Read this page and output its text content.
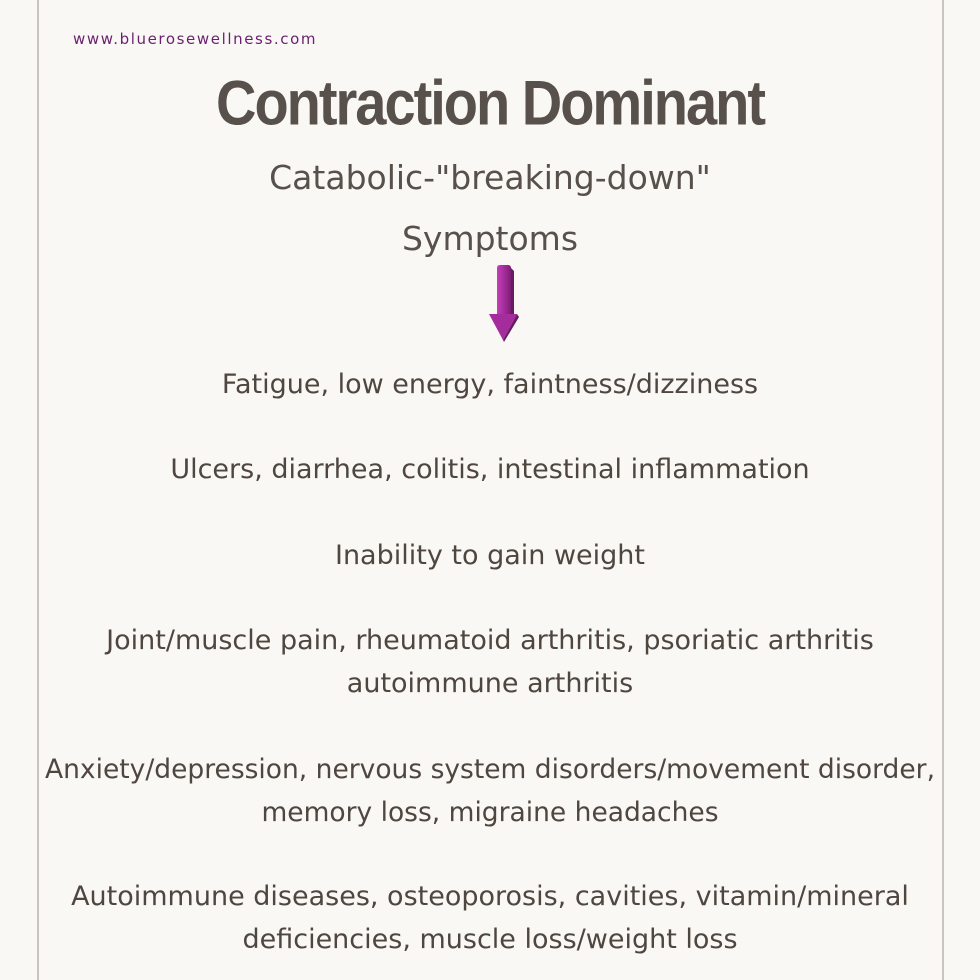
www.bluerosewellness.com
Contraction Dominant
Catabolic-"breaking-down"
Symptoms
Fatigue, low energy, faintness/dizziness
Ulcers, diarrhea, colitis, intestinal inflammation
Inability to gain weight
Joint/muscle pain, rheumatoid arthritis, psoriatic arthritis
autoimmune arthritis
Anxiety/depression, nervous system disorders/movement disorder,
memory loss, migraine headaches
Autoimmune diseases, osteoporosis, cavities, vitamin/mineral
deficiencies, muscle loss/weight loss
